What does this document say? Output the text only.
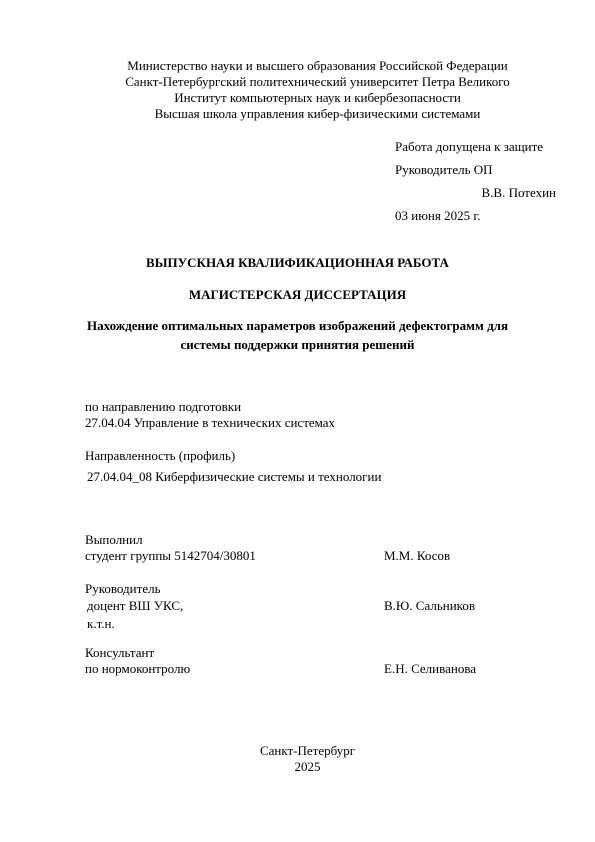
Министерство науки и высшего образования Российской Федерации
Санкт-Петербургский политехнический университет Петра Великого
Институт компьютерных наук и кибербезопасности
Высшая школа управления кибер-физическими системами
Работа допущена к защите
Руководитель ОП
В.В. Потехин
03 июня 2025 г.
ВЫПУСКНАЯ КВАЛИФИКАЦИОННАЯ РАБОТА
МАГИСТЕРСКАЯ ДИССЕРТАЦИЯ
Нахождение оптимальных параметров изображений дефектограмм для
системы поддержки принятия решений
по направлению подготовки
27.04.04 Управление в технических системах
Направленность (профиль)
27.04.04_08 Киберфизические системы и технологии
Выполнил
студент группы 5142704/30801	М.М. Косов
Руководитель
доцент ВШ УКС,
к.т.н.
В.Ю. Сальников
Консультант
по нормоконтролю	Е.Н. Селиванова
Санкт-Петербург
2025
